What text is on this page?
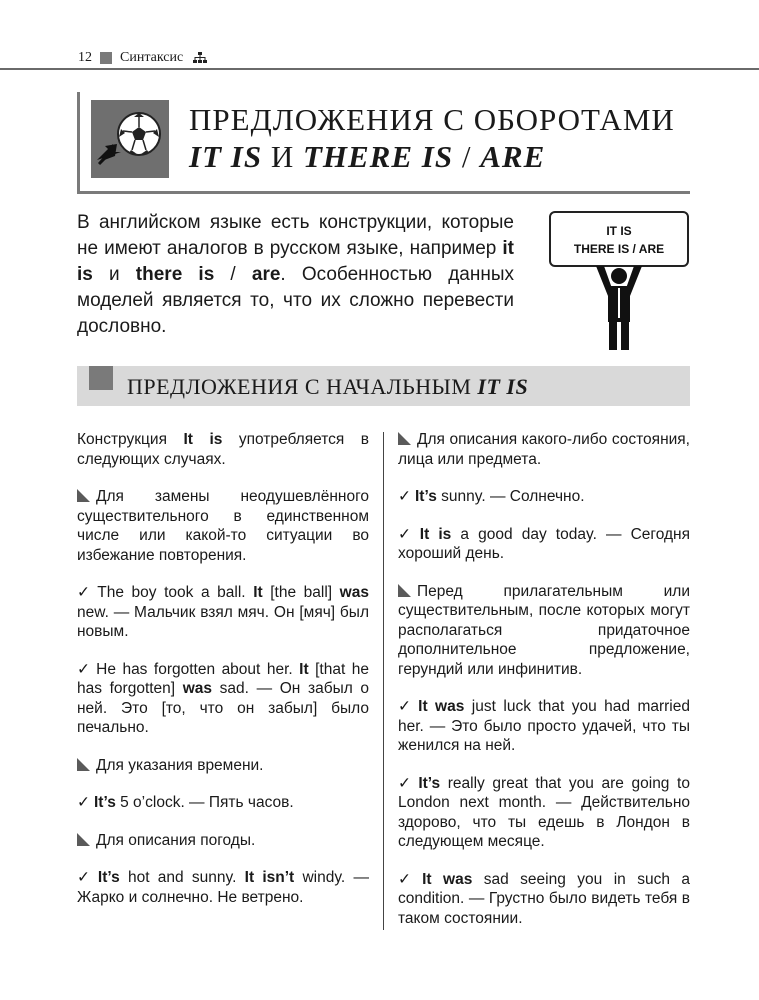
12 Синтаксис
ПРЕДЛОЖЕНИЯ С ОБОРОТАМИ
IT IS И THERE IS / ARE
В английском языке есть конструкции, которые не имеют аналогов в русском языке, например it is и there is / are. Особенностью данных моделей является то, что их сложно перевести дословно.
IT IS
THERE IS / ARE
ПРЕДЛОЖЕНИЯ С НАЧАЛЬНЫМ IT IS

Конструкция It is употребляется в следующих случаях.

Для замены неодушевлённого существительного в единственном числе или какой-то ситуации во избежание повторения.

✓ The boy took a ball. It [the ball] was new. — Мальчик взял мяч. Он [мяч] был новым.

✓ He has forgotten about her. It [that he has forgotten] was sad. — Он забыл о ней. Это [то, что он забыл] было печально.

Для указания времени.

✓ It’s 5 o’clock. — Пять часов.

Для описания погоды.

✓ It’s hot and sunny. It isn’t windy. — Жарко и солнечно. Не ветрено.

Для описания какого-либо состояния, лица или предмета.

✓ It’s sunny. — Солнечно.

✓ It is a good day today. — Сегодня хороший день.

Перед прилагательным или существительным, после которых могут располагаться придаточное дополнительное предложение, герундий или инфинитив.

✓ It was just luck that you had married her. — Это было просто удачей, что ты женился на ней.

✓ It’s really great that you are going to London next month. — Действительно здорово, что ты едешь в Лондон в следующем месяце.

✓ It was sad seeing you in such a condition. — Грустно было видеть тебя в таком состоянии.
